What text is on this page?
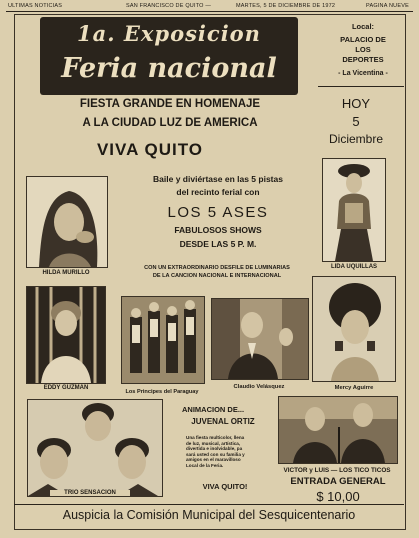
ULTIMAS NOTICIAS	SAN FRANCISCO DE QUITO —	MARTES, 5 DE DICIEMBRE DE 1972	PAGINA NUEVE
1a. Exposicion
Feria nacional
Local:
PALACIO DE
LOS
DEPORTES
- La Vicentina -
HOY
5
Diciembre
FIESTA GRANDE EN HOMENAJE
A LA CIUDAD LUZ DE AMERICA
VIVA QUITO
HILDA MURILLO
Baile y diviértase en las 5 pistas
del recinto ferial con
LOS 5 ASES
FABULOSOS SHOWS
DESDE LAS 5 P. M.
CON UN EXTRAORDINARIO DESFILE DE LUMINARIAS
DE LA CANCION NACIONAL E INTERNACIONAL
LIDA UQUILLAS
EDDY GUZMAN
Los Principes del Paraguay
Claudio Velásquez	Mercy Aguirre
TRIO SENSACION
ANIMACION DE...
JUVENAL ORTIZ
Una fiesta multicolor, llena
de luz, musical, artística,
divertida e inolvidable, pa
sará usted con su familia y
amigos en el maravilloso
Local de la Feria.
VIVA QUITO!
VICTOR y LUIS — LOS TICO TICOS
ENTRADA GENERAL
$ 10,00
Auspicia la Comisión Municipal del Sesquicentenario
